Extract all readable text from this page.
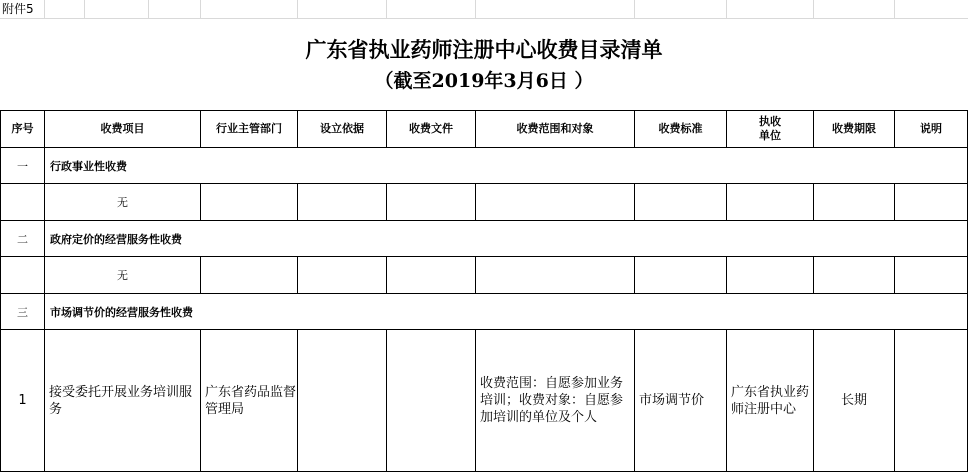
附件5
广东省执业药师注册中心收费目录清单
（截至2019年3月6日 ）
序号	收费项目	行业主管部门	设立依据	收费文件	收费范围和对象	收费标准	执收
单位	收费期限	说明
一	行政事业性收费								
	无								
二	政府定价的经营服务性收费								
	无								
三	市场调节价的经营服务性收费								
1	接受委托开展业务培训服务	广东省药品监督管理局			收费范围：自愿参加业务培训；收费对象：自愿参加培训的单位及个人	市场调节价	广东省执业药师注册中心	长期	
